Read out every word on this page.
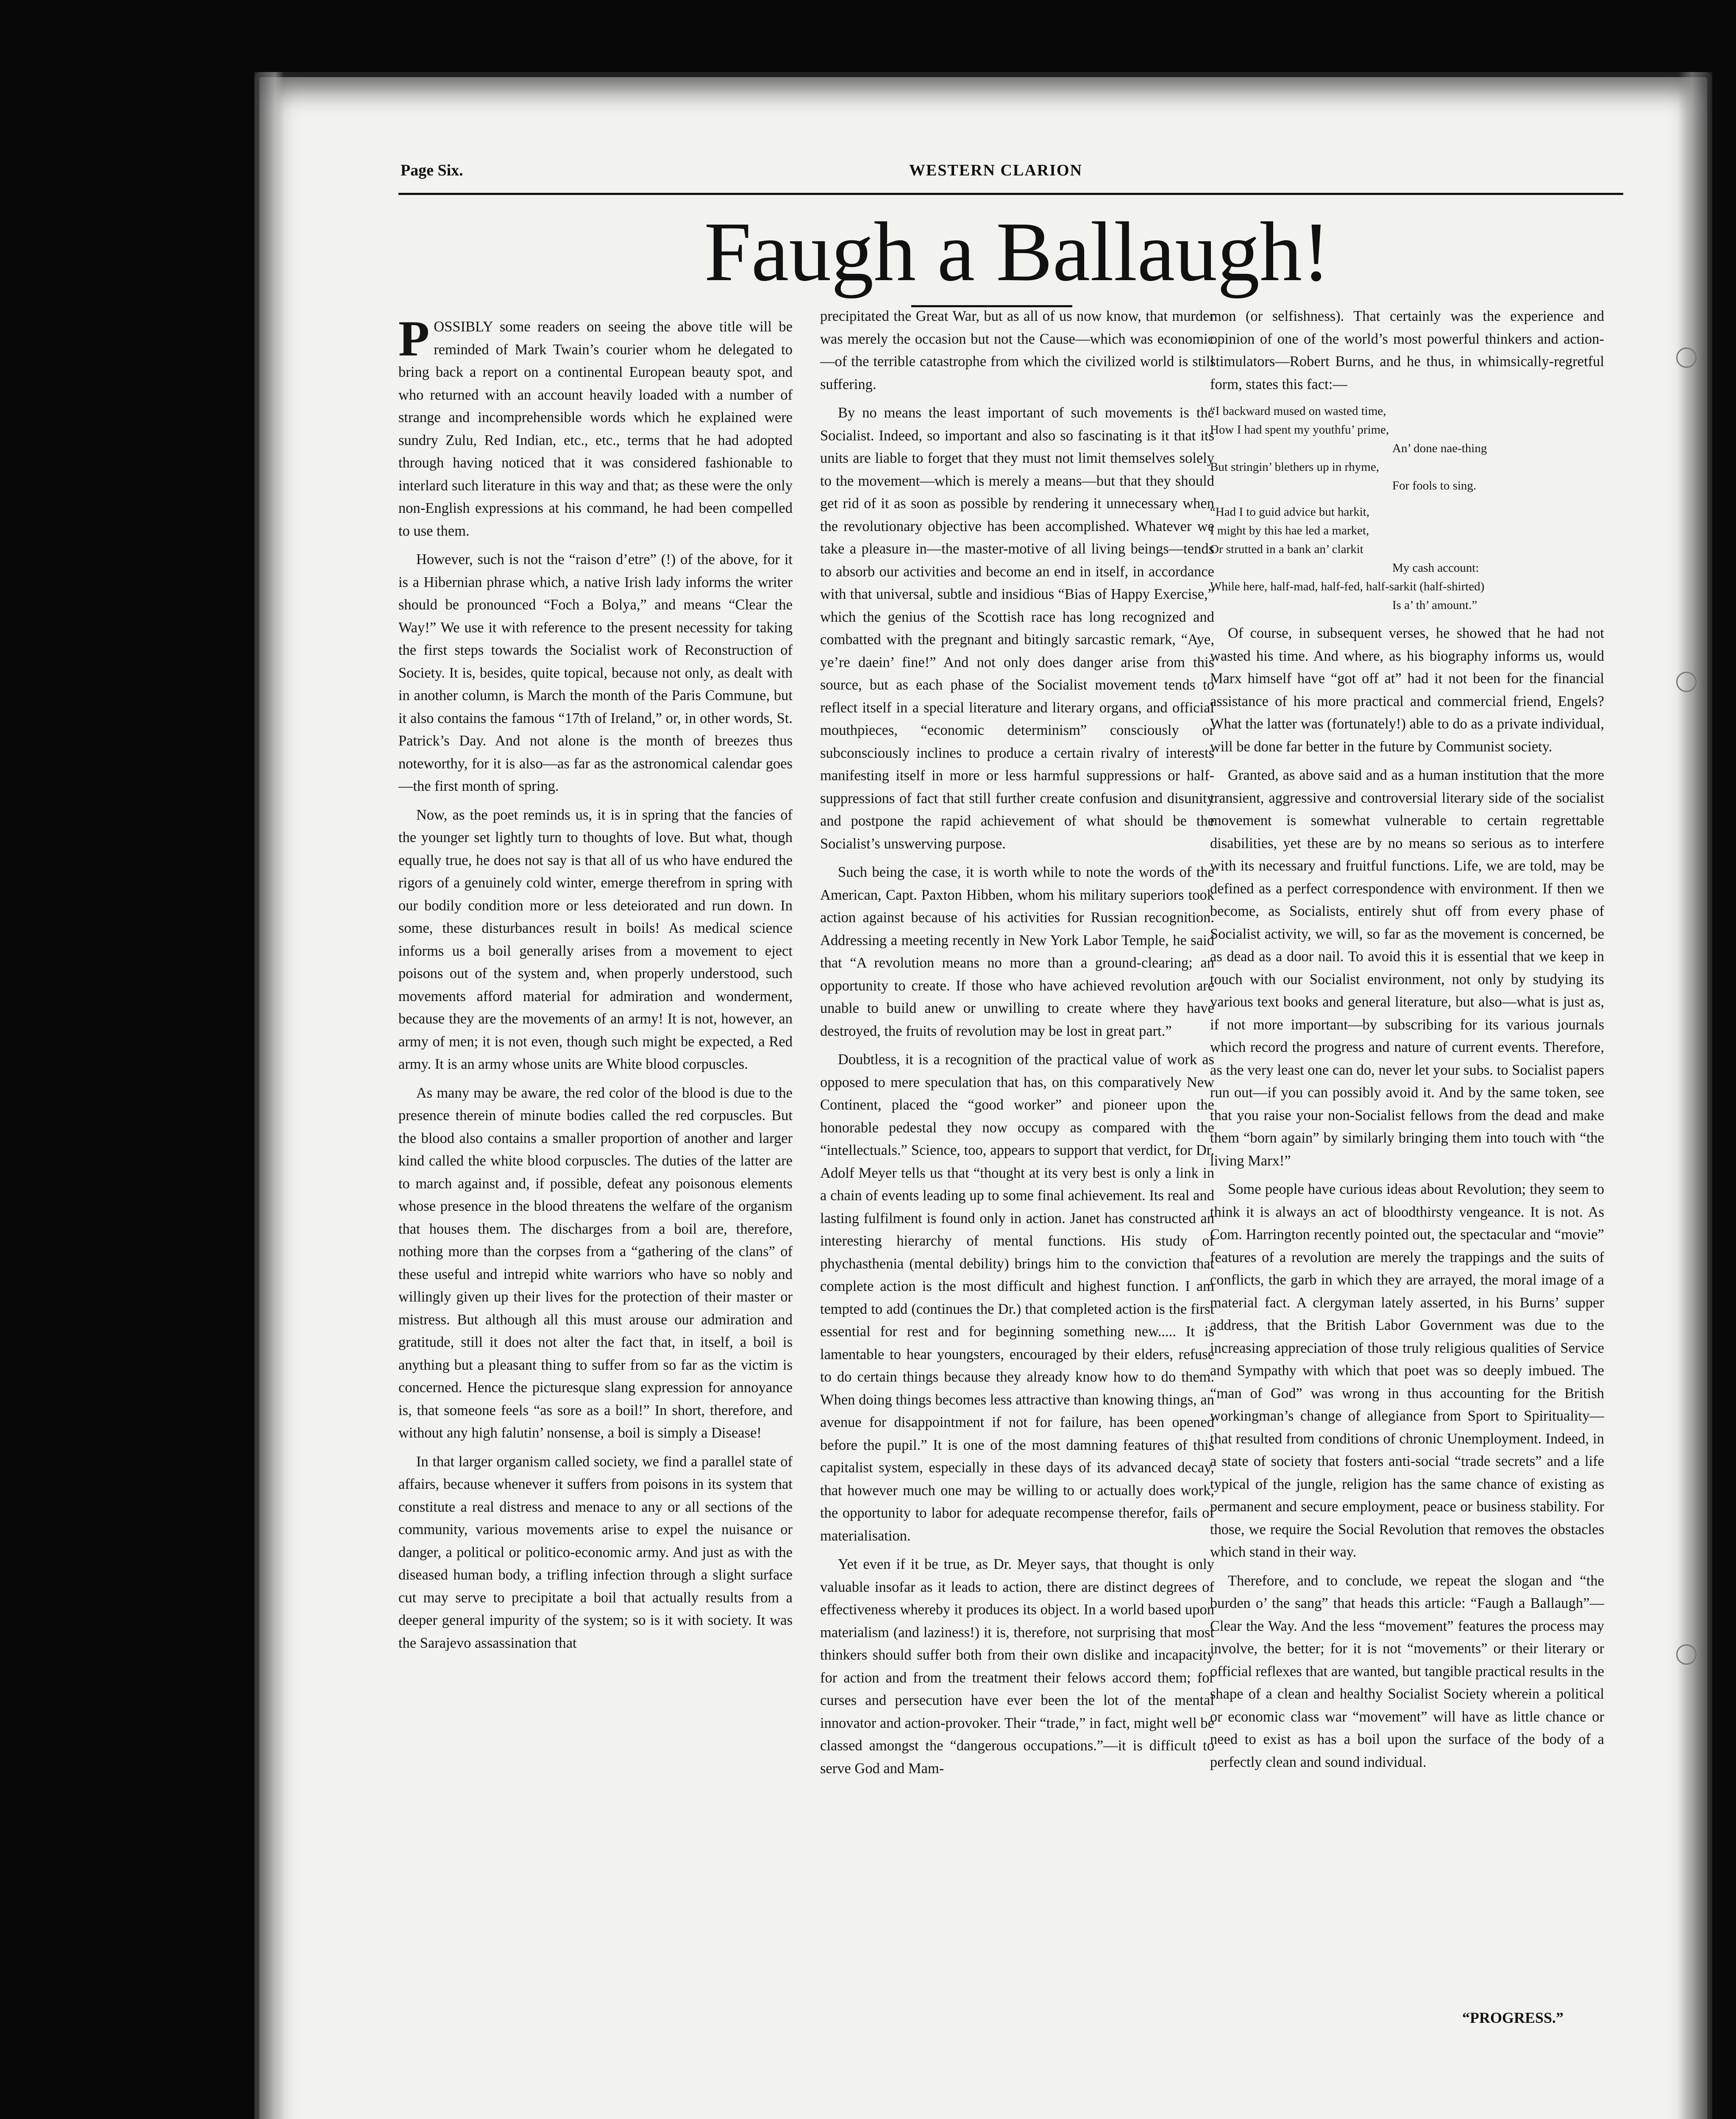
Page Six.	WESTERN CLARION
Faugh a Ballaugh!

POSSIBLY some readers on seeing the above title will be reminded of Mark Twain’s courier whom he delegated to bring back a report on a continental European beauty spot, and who returned with an account heavily loaded with a number of strange and incomprehensible words which he explained were sundry Zulu, Red Indian, etc., etc., terms that he had adopted through having noticed that it was considered fashionable to interlard such literature in this way and that; as these were the only non-English expressions at his command, he had been compelled to use them.

However, such is not the “raison d’etre” (!) of the above, for it is a Hibernian phrase which, a native Irish lady informs the writer should be pronounced “Foch a Bolya,” and means “Clear the Way!” We use it with reference to the present necessity for taking the first steps towards the Socialist work of Reconstruction of Society. It is, besides, quite topical, because not only, as dealt with in another column, is March the month of the Paris Commune, but it also contains the famous “17th of Ireland,” or, in other words, St. Patrick’s Day. And not alone is the month of breezes thus noteworthy, for it is also—as far as the astronomical calendar goes—the first month of spring.

Now, as the poet reminds us, it is in spring that the fancies of the younger set lightly turn to thoughts of love. But what, though equally true, he does not say is that all of us who have endured the rigors of a genuinely cold winter, emerge therefrom in spring with our bodily condition more or less deteiorated and run down. In some, these disturbances result in boils! As medical science informs us a boil generally arises from a movement to eject poisons out of the system and, when properly understood, such movements afford material for admiration and wonderment, because they are the movements of an army! It is not, however, an army of men; it is not even, though such might be expected, a Red army. It is an army whose units are White blood corpuscles.

As many may be aware, the red color of the blood is due to the presence therein of minute bodies called the red corpuscles. But the blood also contains a smaller proportion of another and larger kind called the white blood corpuscles. The duties of the latter are to march against and, if possible, defeat any poisonous elements whose presence in the blood threatens the welfare of the organism that houses them. The discharges from a boil are, therefore, nothing more than the corpses from a “gathering of the clans” of these useful and intrepid white warriors who have so nobly and willingly given up their lives for the protection of their master or mistress. But although all this must arouse our admiration and gratitude, still it does not alter the fact that, in itself, a boil is anything but a pleasant thing to suffer from so far as the victim is concerned. Hence the picturesque slang expression for annoyance is, that someone feels “as sore as a boil!” In short, therefore, and without any high falutin’ nonsense, a boil is simply a Disease!

In that larger organism called society, we find a parallel state of affairs, because whenever it suffers from poisons in its system that constitute a real distress and menace to any or all sections of the community, various movements arise to expel the nuisance or danger, a political or politico-economic army. And just as with the diseased human body, a trifling infection through a slight surface cut may serve to precipitate a boil that actually results from a deeper general impurity of the system; so is it with society. It was the Sarajevo assassination that

precipitated the Great War, but as all of us now know, that murder was merely the occasion but not the Cause—which was economic—of the terrible catastrophe from which the civilized world is still suffering.

By no means the least important of such movements is the Socialist. Indeed, so important and also so fascinating is it that its units are liable to forget that they must not limit themselves solely to the movement—which is merely a means—but that they should get rid of it as soon as possible by rendering it unnecessary when the revolutionary objective has been accomplished. Whatever we take a pleasure in—the master-motive of all living beings—tends to absorb our activities and become an end in itself, in accordance with that universal, subtle and insidious “Bias of Happy Exercise,” which the genius of the Scottish race has long recognized and combatted with the pregnant and bitingly sarcastic remark, “Aye, ye’re daein’ fine!” And not only does danger arise from this source, but as each phase of the Socialist movement tends to reflect itself in a special literature and literary organs, and official mouthpieces, “economic determinism” consciously or subconsciously inclines to produce a certain rivalry of interests manifesting itself in more or less harmful suppressions or half-suppressions of fact that still further create confusion and disunity and postpone the rapid achievement of what should be the Socialist’s unswerving purpose.

Such being the case, it is worth while to note the words of the American, Capt. Paxton Hibben, whom his military superiors took action against because of his activities for Russian recognition. Addressing a meeting recently in New York Labor Temple, he said that “A revolution means no more than a ground-clearing; an opportunity to create. If those who have achieved revolution are unable to build anew or unwilling to create where they have destroyed, the fruits of revolution may be lost in great part.”

Doubtless, it is a recognition of the practical value of work as opposed to mere speculation that has, on this comparatively New Continent, placed the “good worker” and pioneer upon the honorable pedestal they now occupy as compared with the “intellectuals.” Science, too, appears to support that verdict, for Dr. Adolf Meyer tells us that “thought at its very best is only a link in a chain of events leading up to some final achievement. Its real and lasting fulfilment is found only in action. Janet has constructed an interesting hierarchy of mental functions. His study of phychasthenia (mental debility) brings him to the conviction that complete action is the most difficult and highest function. I am tempted to add (continues the Dr.) that completed action is the first essential for rest and for beginning something new..... It is lamentable to hear youngsters, encouraged by their elders, refuse to do certain things because they already know how to do them. When doing things becomes less attractive than knowing things, an avenue for disappointment if not for failure, has been opened before the pupil.” It is one of the most damning features of this capitalist system, especially in these days of its advanced decay, that however much one may be willing to or actually does work, the opportunity to labor for adequate recompense therefor, fails of materialisation.

Yet even if it be true, as Dr. Meyer says, that thought is only valuable insofar as it leads to action, there are distinct degrees of effectiveness whereby it produces its object. In a world based upon materialism (and laziness!) it is, therefore, not surprising that most thinkers should suffer both from their own dislike and incapacity for action and from the treatment their felows accord them; for curses and persecution have ever been the lot of the mental innovator and action-provoker. Their “trade,” in fact, might well be classed amongst the “dangerous occupations.”—it is difficult to serve God and Mam-

mon (or selfishness). That certainly was the experience and opinion of one of the world’s most powerful thinkers and action-stimulators—Robert Burns, and he thus, in whimsically-regretful form, states this fact:—

“I backward mused on wasted time,
How I had spent my youthfu’ prime,
An’ done nae-thing
But stringin’ blethers up in rhyme,
For fools to sing.
“Had I to guid advice but harkit,
I might by this hae led a market,
Or strutted in a bank an’ clarkit
My cash account:
While here, half-mad, half-fed, half-sarkit (half-shirted)
Is a’ th’ amount.”

Of course, in subsequent verses, he showed that he had not wasted his time. And where, as his biography informs us, would Marx himself have “got off at” had it not been for the financial assistance of his more practical and commercial friend, Engels? What the latter was (fortunately!) able to do as a private individual, will be done far better in the future by Communist society.

Granted, as above said and as a human institution that the more transient, aggressive and controversial literary side of the socialist movement is somewhat vulnerable to certain regrettable disabilities, yet these are by no means so serious as to interfere with its necessary and fruitful functions. Life, we are told, may be defined as a perfect correspondence with environment. If then we become, as Socialists, entirely shut off from every phase of Socialist activity, we will, so far as the movement is concerned, be as dead as a door nail. To avoid this it is essential that we keep in touch with our Socialist environment, not only by studying its various text books and general literature, but also—what is just as, if not more important—by subscribing for its various journals which record the progress and nature of current events. Therefore, as the very least one can do, never let your subs. to Socialist papers run out—if you can possibly avoid it. And by the same token, see that you raise your non-Socialist fellows from the dead and make them “born again” by similarly bringing them into touch with “the living Marx!”

Some people have curious ideas about Revolution; they seem to think it is always an act of bloodthirsty vengeance. It is not. As Com. Harrington recently pointed out, the spectacular and “movie” features of a revolution are merely the trappings and the suits of conflicts, the garb in which they are arrayed, the moral image of a material fact. A clergyman lately asserted, in his Burns’ supper address, that the British Labor Government was due to the increasing appreciation of those truly religious qualities of Service and Sympathy with which that poet was so deeply imbued. The “man of God” was wrong in thus accounting for the British workingman’s change of allegiance from Sport to Spirituality—that resulted from conditions of chronic Unemployment. Indeed, in a state of society that fosters anti-social “trade secrets” and a life typical of the jungle, religion has the same chance of existing as permanent and secure employment, peace or business stability. For those, we require the Social Revolution that removes the obstacles which stand in their way.

Therefore, and to conclude, we repeat the slogan and “the burden o’ the sang” that heads this article: “Faugh a Ballaugh”—Clear the Way. And the less “movement” features the process may involve, the better; for it is not “movements” or their literary or official reflexes that are wanted, but tangible practical results in the shape of a clean and healthy Socialist Society wherein a political or economic class war “movement” will have as little chance or need to exist as has a boil upon the surface of the body of a perfectly clean and sound individual.

“PROGRESS.”
